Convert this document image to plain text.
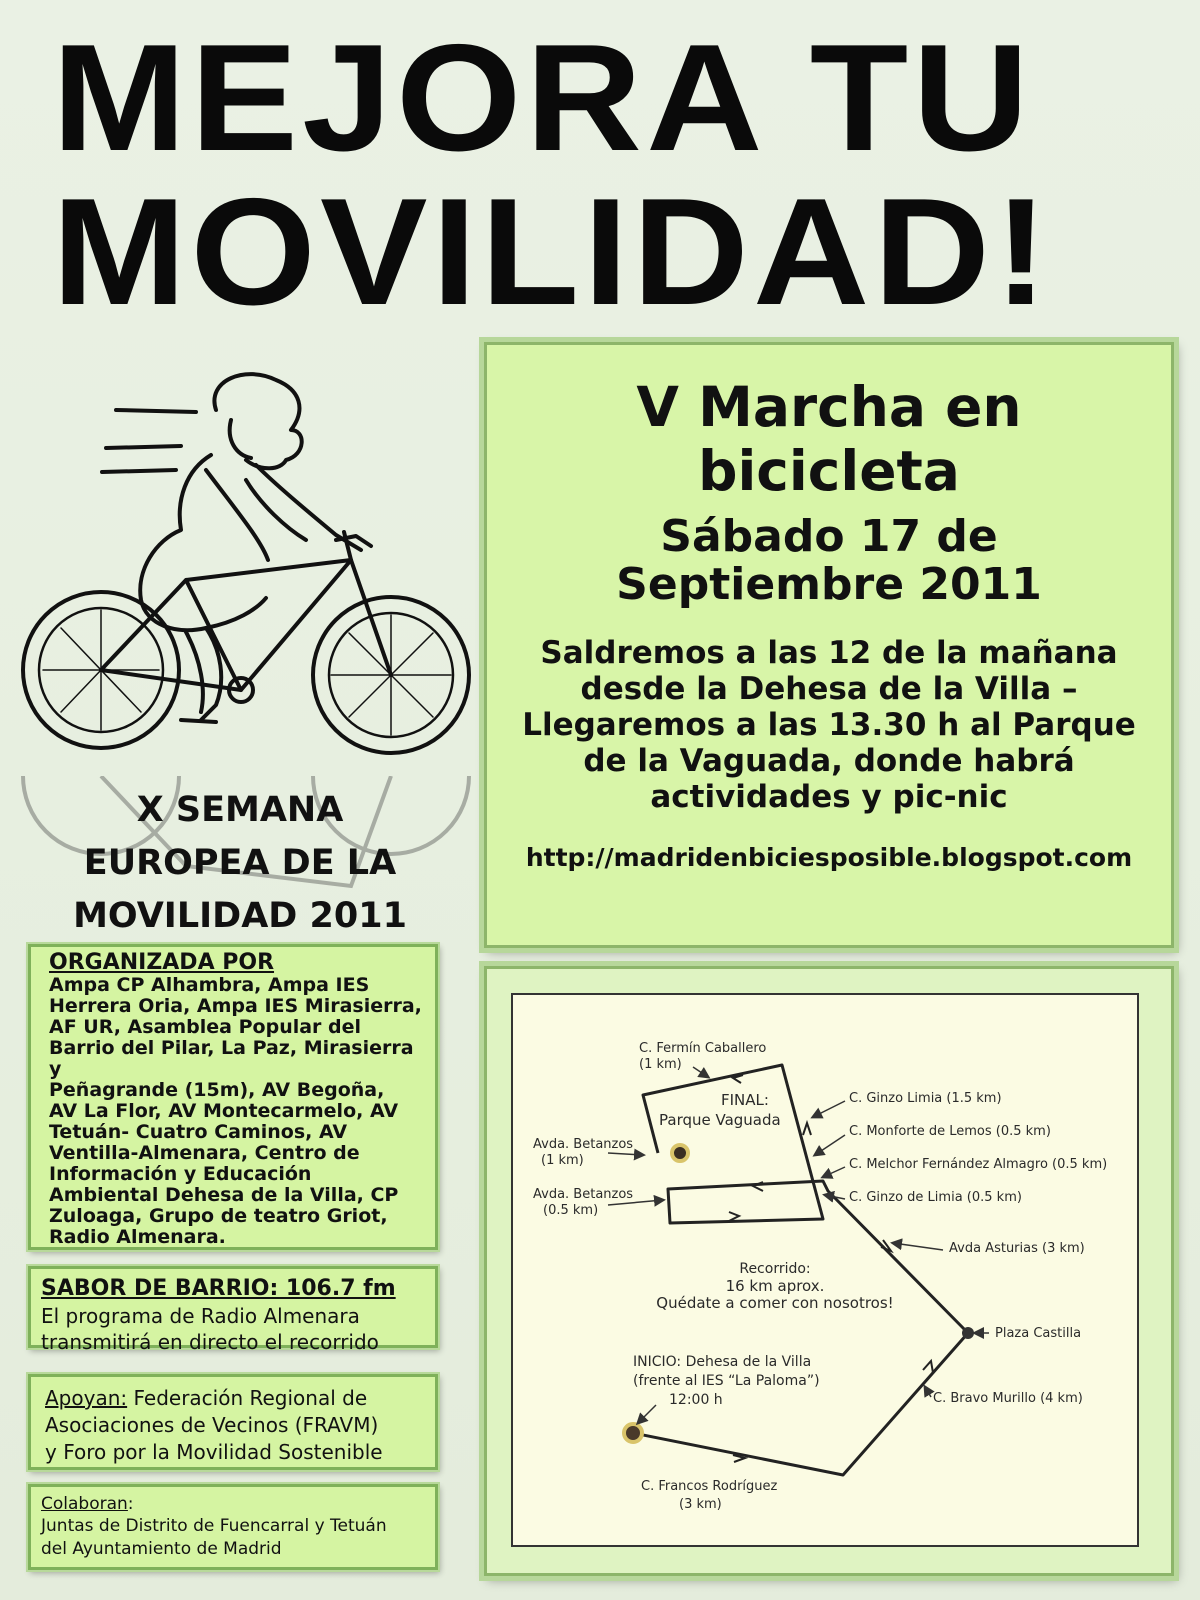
MEJORA TU
MOVILIDAD!
X SEMANA
EUROPEA DE LA
MOVILIDAD 2011
V Marcha en
bicicleta
Sábado 17 de
Septiembre 2011
Saldremos a las 12 de la mañana
desde la Dehesa de la Villa –
Llegaremos a las 13.30 h al Parque
de la Vaguada, donde habrá
actividades y pic-nic
http://madridenbiciesposible.blogspot.com
C. Fermín Caballero
(1 km)
FINAL:
Parque Vaguada
Avda. Betanzos
(1 km)
Avda. Betanzos
(0.5 km)
C. Ginzo Limia (1.5 km)
C. Monforte de Lemos (0.5 km)
C. Melchor Fernández Almagro (0.5 km)
C. Ginzo de Limia (0.5 km)
Avda Asturias (3 km)
Recorrido:
16 km aprox.
Quédate a comer con nosotros!
Plaza Castilla
INICIO: Dehesa de la Villa
(frente al IES “La Paloma”)
12:00 h	C. Bravo Murillo (4 km)
C. Francos Rodríguez
(3 km)
ORGANIZADA POR

Ampa CP Alhambra, Ampa IES

Herrera Oria, Ampa IES Mirasierra,

AF UR, Asamblea Popular del

Barrio del Pilar, La Paz, Mirasierra y

Peñagrande (15m), AV Begoña,

AV La Flor, AV Montecarmelo, AV

Tetuán- Cuatro Caminos, AV

Ventilla-Almenara, Centro de

Información y Educación

Ambiental Dehesa de la Villa, CP

Zuloaga, Grupo de teatro Griot,

Radio Almenara.

SABOR DE BARRIO: 106.7 fm

El programa de Radio Almenara

transmitirá en directo el recorrido

Apoyan: Federación Regional de
Asociaciones de Vecinos (FRAVM)
y Foro por la Movilidad Sostenible
Colaboran:

Juntas de Distrito de Fuencarral y Tetuán

del Ayuntamiento de Madrid
